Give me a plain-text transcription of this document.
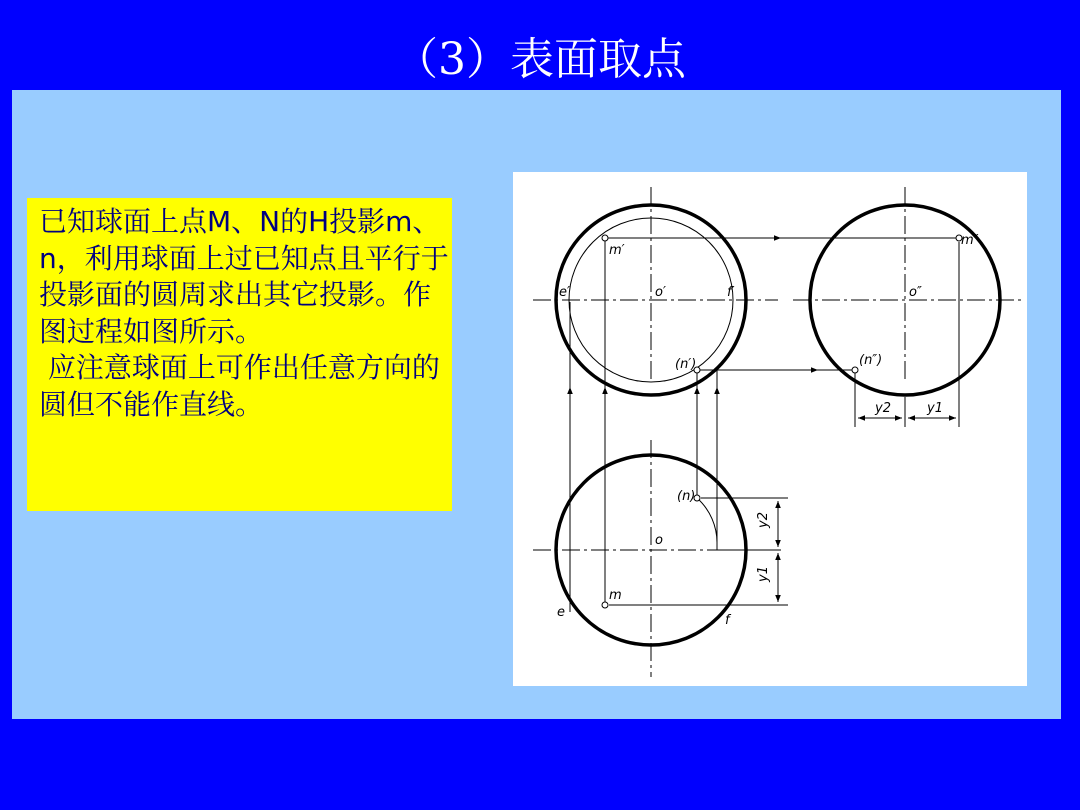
（3）表面取点

已知球面上点M、N的H投影m、n，利用球面上过已知点且平行于投影面的圆周求出其它投影。作图过程如图所示。

应注意球面上可作出任意方向的圆但不能作直线。

m′
m″
e′	o′	f′	o″
(n′)	(n″)
y2	y1
(n)
o
y2
y1
m
e
f
